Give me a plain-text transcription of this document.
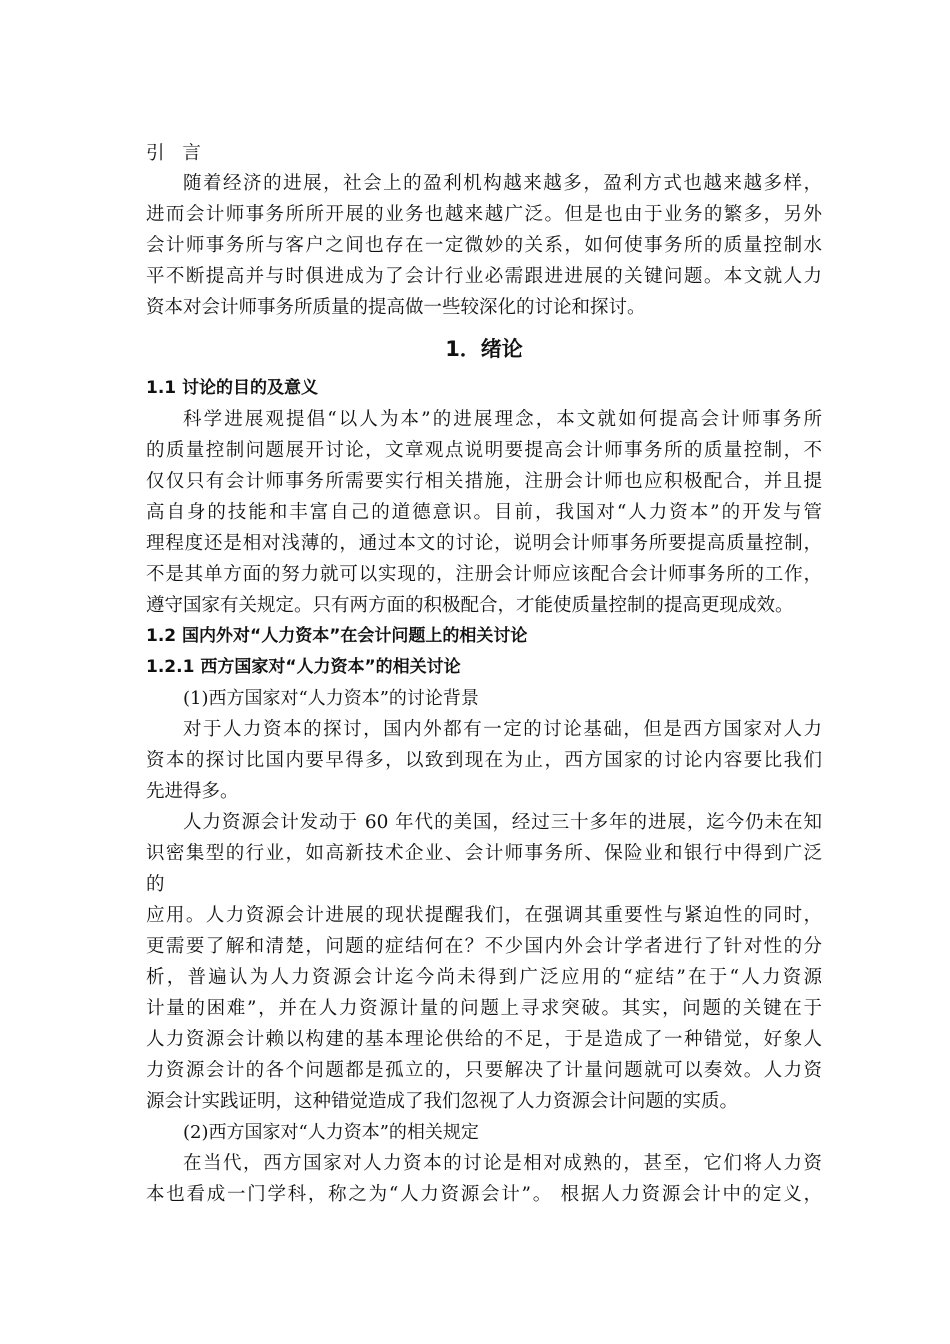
引 言
随着经济的进展，社会上的盈利机构越来越多，盈利方式也越来越多样，
进而会计师事务所所开展的业务也越来越广泛。但是也由于业务的繁多，另外
会计师事务所与客户之间也存在一定微妙的关系，如何使事务所的质量控制水
平不断提高并与时俱进成为了会计行业必需跟进进展的关键问题。本文就人力
资本对会计师事务所质量的提高做一些较深化的讨论和探讨。
1．绪论
1.1 讨论的目的及意义
科学进展观提倡“以人为本”的进展理念，本文就如何提高会计师事务所
的质量控制问题展开讨论，文章观点说明要提高会计师事务所的质量控制，不
仅仅只有会计师事务所需要实行相关措施，注册会计师也应积极配合，并且提
高自身的技能和丰富自己的道德意识。目前，我国对“人力资本”的开发与管
理程度还是相对浅薄的，通过本文的讨论，说明会计师事务所要提高质量控制，
不是其单方面的努力就可以实现的，注册会计师应该配合会计师事务所的工作，
遵守国家有关规定。只有两方面的积极配合，才能使质量控制的提高更现成效。
1.2 国内外对“人力资本”在会计问题上的相关讨论
1.2.1 西方国家对“人力资本”的相关讨论
(1)西方国家对“人力资本”的讨论背景
对于人力资本的探讨，国内外都有一定的讨论基础，但是西方国家对人力
资本的探讨比国内要早得多，以致到现在为止，西方国家的讨论内容要比我们
先进得多。
人力资源会计发动于 60 年代的美国，经过三十多年的进展，迄今仍未在知
识密集型的行业，如高新技术企业、会计师事务所、保险业和银行中得到广泛
的
应用。人力资源会计进展的现状提醒我们，在强调其重要性与紧迫性的同时，
更需要了解和清楚，问题的症结何在？不少国内外会计学者进行了针对性的分
析，普遍认为人力资源会计迄今尚未得到广泛应用的“症结”在于“人力资源
计量的困难”，并在人力资源计量的问题上寻求突破。其实，问题的关键在于
人力资源会计赖以构建的基本理论供给的不足，于是造成了一种错觉，好象人
力资源会计的各个问题都是孤立的，只要解决了计量问题就可以奏效。人力资
源会计实践证明，这种错觉造成了我们忽视了人力资源会计问题的实质。
(2)西方国家对“人力资本”的相关规定
在当代，西方国家对人力资本的讨论是相对成熟的，甚至，它们将人力资
本也看成一门学科，称之为“人力资源会计”。 根据人力资源会计中的定义，
